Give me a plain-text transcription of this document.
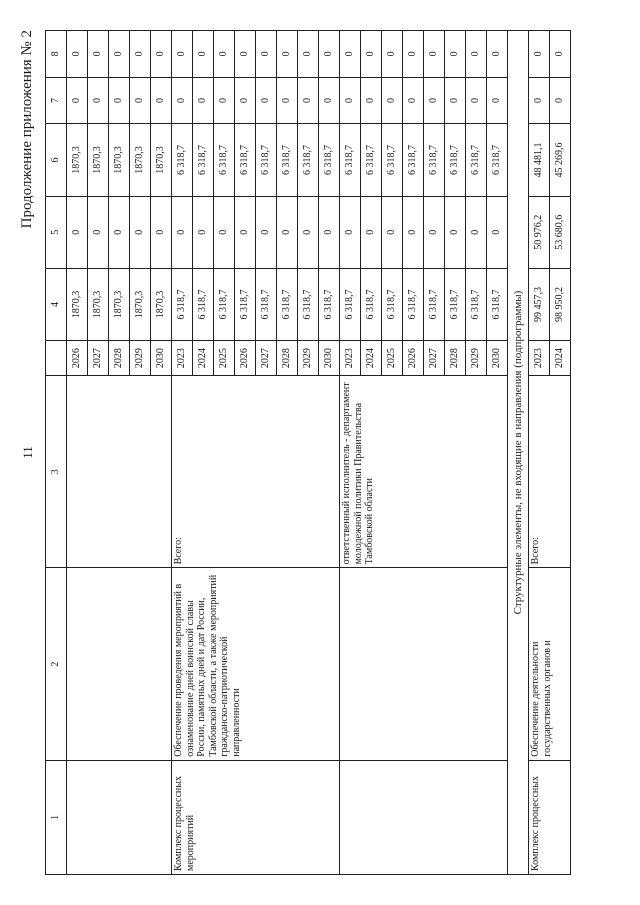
11
Продолжение приложения № 2
1	2	3		4	5	6	7	8
			2026	1870,3	0	1870,3	0	0
			2027	1870,3	0	1870,3	0	0
			2028	1870,3	0	1870,3	0	0
			2029	1870,3	0	1870,3	0	0
			2030	1870,3	0	1870,3	0	0
Комплекс процессных мероприятий	Обеспечение проведения мероприятий в ознаменование дней воинской славы России, памятных дней и дат России, Тамбовской области, а также мероприятий гражданско-патриотической направленности	Всего:	2023	6 318,7	0	6 318,7	0	0
			2024	6 318,7	0	6 318,7	0	0
			2025	6 318,7	0	6 318,7	0	0
			2026	6 318,7	0	6 318,7	0	0
			2027	6 318,7	0	6 318,7	0	0
			2028	6 318,7	0	6 318,7	0	0
			2029	6 318,7	0	6 318,7	0	0
			2030	6 318,7	0	6 318,7	0	0
		ответственный исполнитель - департамент молодежной политики Правительства Тамбовской области	2023	6 318,7	0	6 318,7	0	0
			2024	6 318,7	0	6 318,7	0	0
			2025	6 318,7	0	6 318,7	0	0
			2026	6 318,7	0	6 318,7	0	0
			2027	6 318,7	0	6 318,7	0	0
			2028	6 318,7	0	6 318,7	0	0
			2029	6 318,7	0	6 318,7	0	0
			2030	6 318,7	0	6 318,7	0	0
Структурные элементы, не входящие в направления (подпрограммы)								
Комплекс процессных	Обеспечение деятельности государственных органов и	Всего:	2023	99 457,3	50 976,2	48 481,1	0	0
			2024	98 950,2	53 680,6	45 269,6	0	0
